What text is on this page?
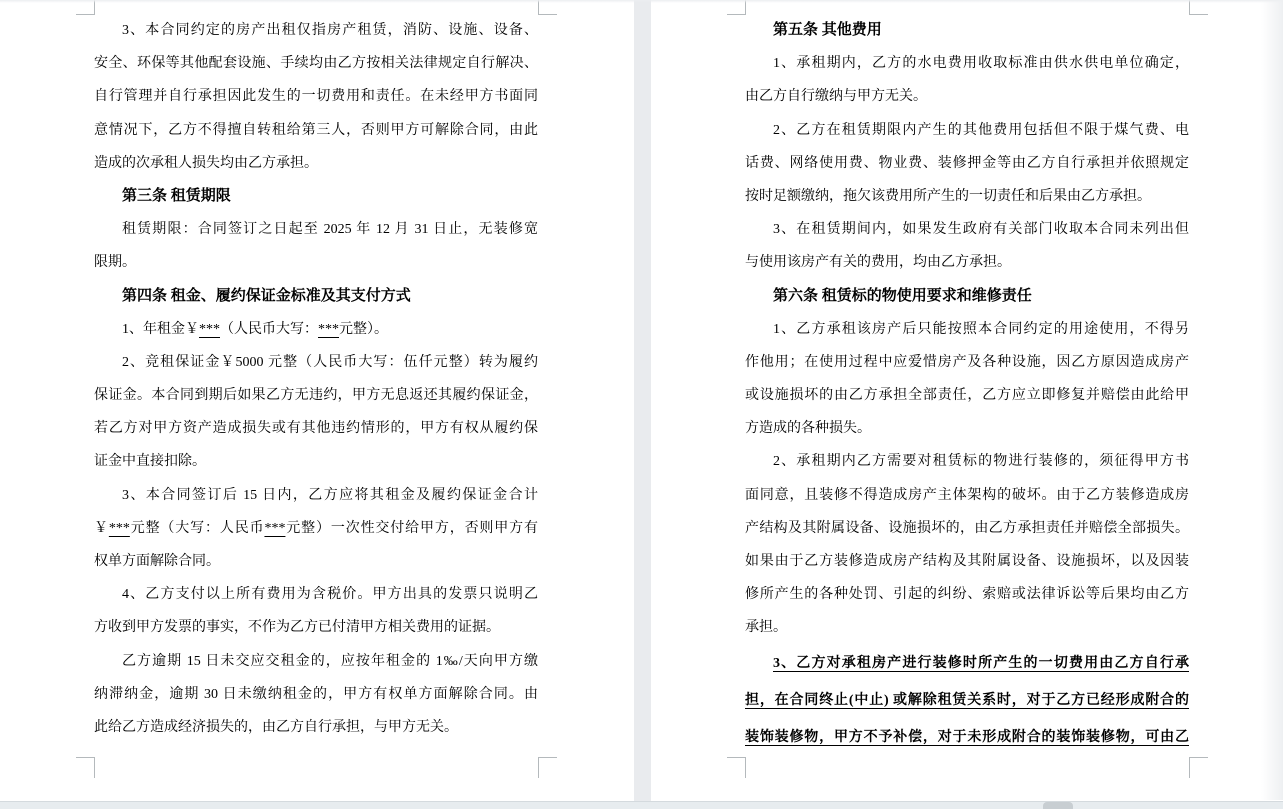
3、本合同约定的房产出租仅指房产租赁，消防、设施、设备、
安全、环保等其他配套设施、手续均由乙方按相关法律规定自行解决、
自行管理并自行承担因此发生的一切费用和责任。在未经甲方书面同
意情况下，乙方不得擅自转租给第三人，否则甲方可解除合同，由此
造成的次承租人损失均由乙方承担。
第三条 租赁期限
租赁期限：合同签订之日起至 2025 年 12 月 31 日止，无装修宽
限期。
第四条 租金、履约保证金标准及其支付方式
1、年租金￥***（人民币大写：***元整）。
2、竞租保证金￥5000 元整（人民币大写：伍仟元整）转为履约
保证金。本合同到期后如果乙方无违约，甲方无息返还其履约保证金，
若乙方对甲方资产造成损失或有其他违约情形的，甲方有权从履约保
证金中直接扣除。
3、本合同签订后 15 日内，乙方应将其租金及履约保证金合计
￥***元整（大写：人民币***元整）一次性交付给甲方，否则甲方有
权单方面解除合同。
4、乙方支付以上所有费用为含税价。甲方出具的发票只说明乙
方收到甲方发票的事实，不作为乙方已付清甲方相关费用的证据。
乙方逾期 15 日未交应交租金的，应按年租金的 1‰/天向甲方缴
纳滞纳金，逾期 30 日未缴纳租金的，甲方有权单方面解除合同。由
此给乙方造成经济损失的，由乙方自行承担，与甲方无关。
第五条 其他费用
1、承租期内，乙方的水电费用收取标准由供水供电单位确定，
由乙方自行缴纳与甲方无关。
2、乙方在租赁期限内产生的其他费用包括但不限于煤气费、电
话费、网络使用费、物业费、装修押金等由乙方自行承担并依照规定
按时足额缴纳，拖欠该费用所产生的一切责任和后果由乙方承担。
3、在租赁期间内，如果发生政府有关部门收取本合同未列出但
与使用该房产有关的费用，均由乙方承担。
第六条 租赁标的物使用要求和维修责任
1、乙方承租该房产后只能按照本合同约定的用途使用，不得另
作他用；在使用过程中应爱惜房产及各种设施，因乙方原因造成房产
或设施损坏的由乙方承担全部责任，乙方应立即修复并赔偿由此给甲
方造成的各种损失。
2、承租期内乙方需要对租赁标的物进行装修的，须征得甲方书
面同意，且装修不得造成房产主体架构的破坏。由于乙方装修造成房
产结构及其附属设备、设施损坏的，由乙方承担责任并赔偿全部损失。
如果由于乙方装修造成房产结构及其附属设备、设施损坏，以及因装
修所产生的各种处罚、引起的纠纷、索赔或法律诉讼等后果均由乙方
承担。
3、乙方对承租房产进行装修时所产生的一切费用由乙方自行承
担，在合同终止(中止) 或解除租赁关系时，对于乙方已经形成附合的
装饰装修物，甲方不予补偿，对于未形成附合的装饰装修物，可由乙
